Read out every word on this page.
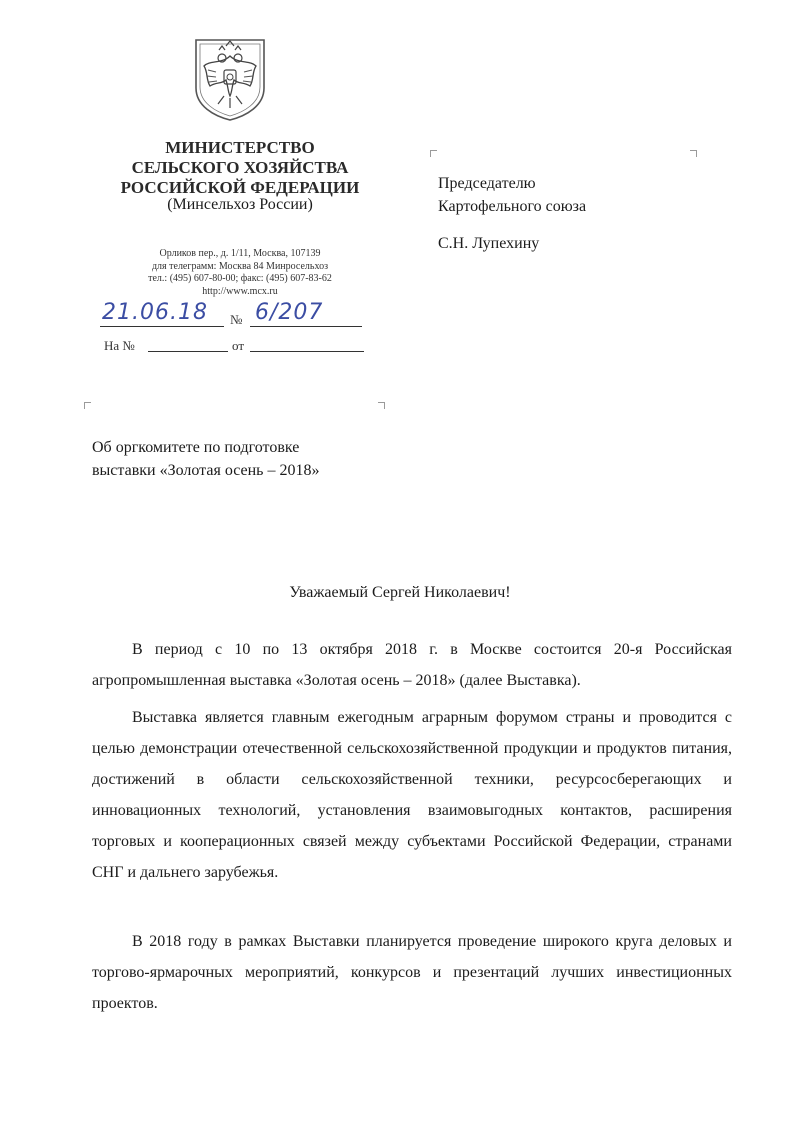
МИНИСТЕРСТВО
СЕЛЬСКОГО ХОЗЯЙСТВА
РОССИЙСКОЙ ФЕДЕРАЦИИ
(Минсельхоз России)
Орликов пер., д. 1/11, Москва, 107139
для телеграмм: Москва 84 Минросельхоз
тел.: (495) 607-80-00; факс: (495) 607-83-62
http://www.mcx.ru
21.06.18 № 6/207
На №	от
Председателю
Картофельного союза
С.Н. Лупехину
Об оргкомитете по подготовке
выставки «Золотая осень – 2018»
Уважаемый Сергей Николаевич!

В период с 10 по 13 октября 2018 г. в Москве состоится 20-я Российская агропромышленная выставка «Золотая осень – 2018» (далее Выставка).

Выставка является главным ежегодным аграрным форумом страны и проводится с целью демонстрации отечественной сельскохозяйственной продукции и продуктов питания, достижений в области сельскохозяйственной техники, ресурсосберегающих и инновационных технологий, установления взаимовыгодных контактов, расширения торговых и кооперационных связей между субъектами Российской Федерации, странами СНГ и дальнего зарубежья.

В 2018 году в рамках Выставки планируется проведение широкого круга деловых и торгово-ярмарочных мероприятий, конкурсов и презентаций лучших инвестиционных проектов.
